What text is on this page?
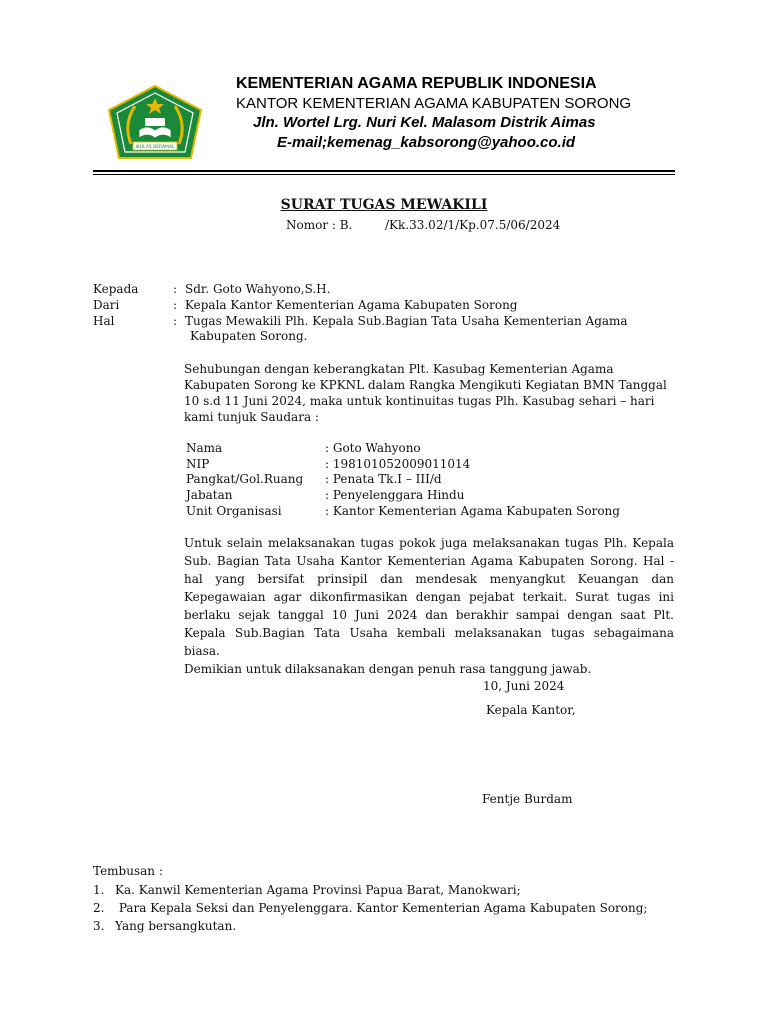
IKHLAS BERAMAL
KEMENTERIAN AGAMA REPUBLIK INDONESIA
KANTOR KEMENTERIAN AGAMA KABUPATEN SORONG
Jln. Wortel Lrg. Nuri Kel. Malasom Distrik Aimas
E-mail;kemenag_kabsorong@yahoo.co.id
SURAT TUGAS MEWAKILI
Nomor : B.	/Kk.33.02/1/Kp.07.5/06/2024
Kepada	: Sdr. Goto Wahyono,S.H.
Dari	: Kepala Kantor Kementerian Agama Kabupaten Sorong
Hal	: Tugas Mewakili Plh. Kepala Sub.Bagian Tata Usaha Kementerian Agama
Kabupaten Sorong.
Sehubungan dengan keberangkatan Plt. Kasubag Kementerian Agama
Kabupaten Sorong ke KPKNL dalam Rangka Mengikuti Kegiatan BMN Tanggal
10 s.d 11 Juni 2024, maka untuk kontinuitas tugas Plh. Kasubag sehari – hari
kami tunjuk Saudara :
Nama	: Goto Wahyono
NIP	: 198101052009011014
Pangkat/Gol.Ruang : Penata Tk.I – III/d
Jabatan	: Penyelenggara Hindu
Unit Organisasi	: Kantor Kementerian Agama Kabupaten Sorong

Untuk selain melaksanakan tugas pokok juga melaksanakan tugas Plh. Kepala Sub. Bagian Tata Usaha Kantor Kementerian Agama Kabupaten Sorong. Hal - hal yang bersifat prinsipil dan mendesak menyangkut Keuangan dan Kepegawaian agar dikonfirmasikan dengan pejabat terkait. Surat tugas ini berlaku sejak tanggal 10 Juni 2024 dan berakhir sampai dengan saat Plt. Kepala Sub.Bagian Tata Usaha kembali melaksanakan tugas sebagaimana biasa.

Demikian untuk dilaksanakan dengan penuh rasa tanggung jawab.

10, Juni 2024
Kepala Kantor,
Fentje Burdam
Tembusan :
1. Ka. Kanwil Kementerian Agama Provinsi Papua Barat, Manokwari;
2. Para Kepala Seksi dan Penyelenggara. Kantor Kementerian Agama Kabupaten Sorong;
3. Yang bersangkutan.
